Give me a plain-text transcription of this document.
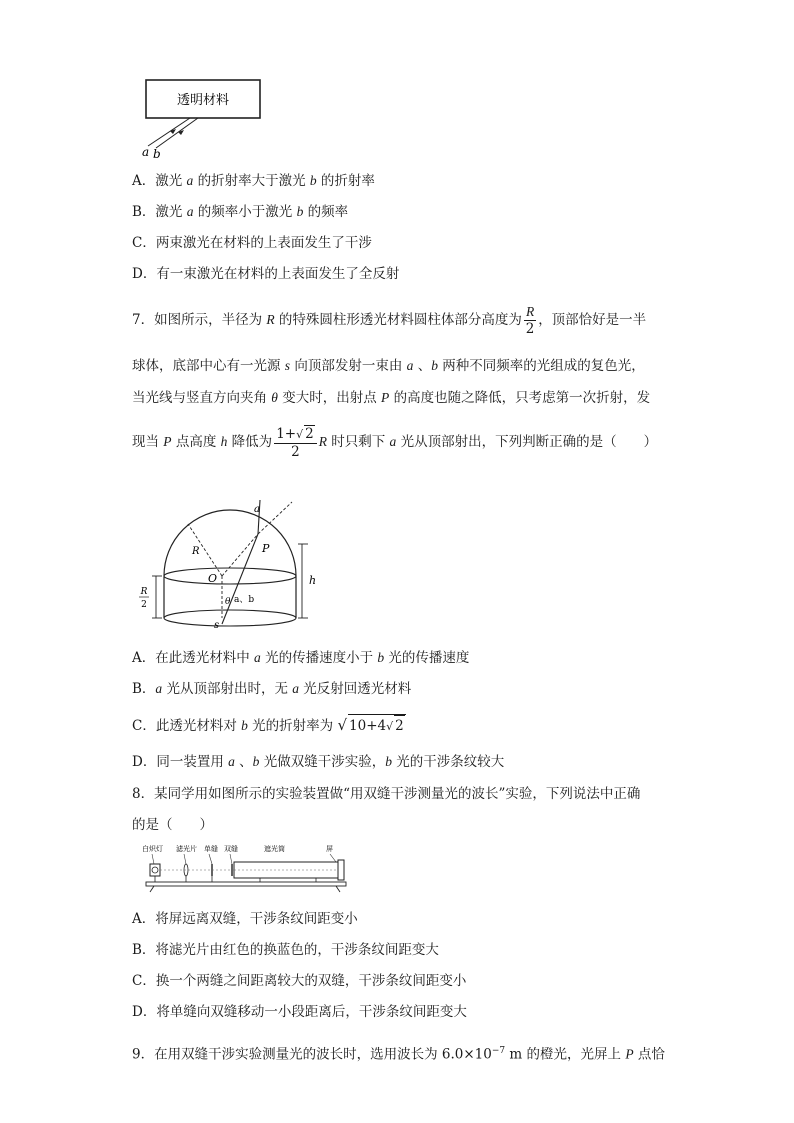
透明材料
a b
A．激光 a 的折射率大于激光 b 的折射率
B．激光 a 的频率小于激光 b 的频率
C．两束激光在材料的上表面发生了干涉
D．有一束激光在材料的上表面发生了全反射
7．如图所示，半径为 R 的特殊圆柱形透光材料圆柱体部分高度为 $\frac{R}{2}$ ，顶部恰好是一半
球体，底部中心有一光源 s 向顶部发射一束由 a 、b 两种不同频率的光组成的复色光，
当光线与竖直方向夹角 θ 变大时，出射点 P 的高度也随之降低，只考虑第一次折射，发
现当 P 点高度 h 降低为 $\frac{1+√ 2}{2}$ R 时只剩下 a 光从顶部射出，下列判断正确的是（　　）
a
P
R
O
θ a、b
s
h
R
2
A．在此透光材料中 a 光的传播速度小于 b 光的传播速度
B．a 光从顶部射出时，无 a 光反射回透光材料
C．此透光材料对 b 光的折射率为 √ 10+4√ 2
D．同一装置用 a 、b 光做双缝干涉实验，b 光的干涉条纹较大
8．某同学用如图所示的实验装置做“用双缝干涉测量光的波长”实验，下列说法中正确
的是（　　）
白炽灯 滤光片 单缝 双缝	遮光筒	屏
A．将屏远离双缝，干涉条纹间距变小
B．将滤光片由红色的换蓝色的，干涉条纹间距变大
C．换一个两缝之间距离较大的双缝，干涉条纹间距变小
D．将单缝向双缝移动一小段距离后，干涉条纹间距变大
9．在用双缝干涉实验测量光的波长时，选用波长为 $6.0\times 10^{-7}$ m 的橙光，光屏上 P 点恰
